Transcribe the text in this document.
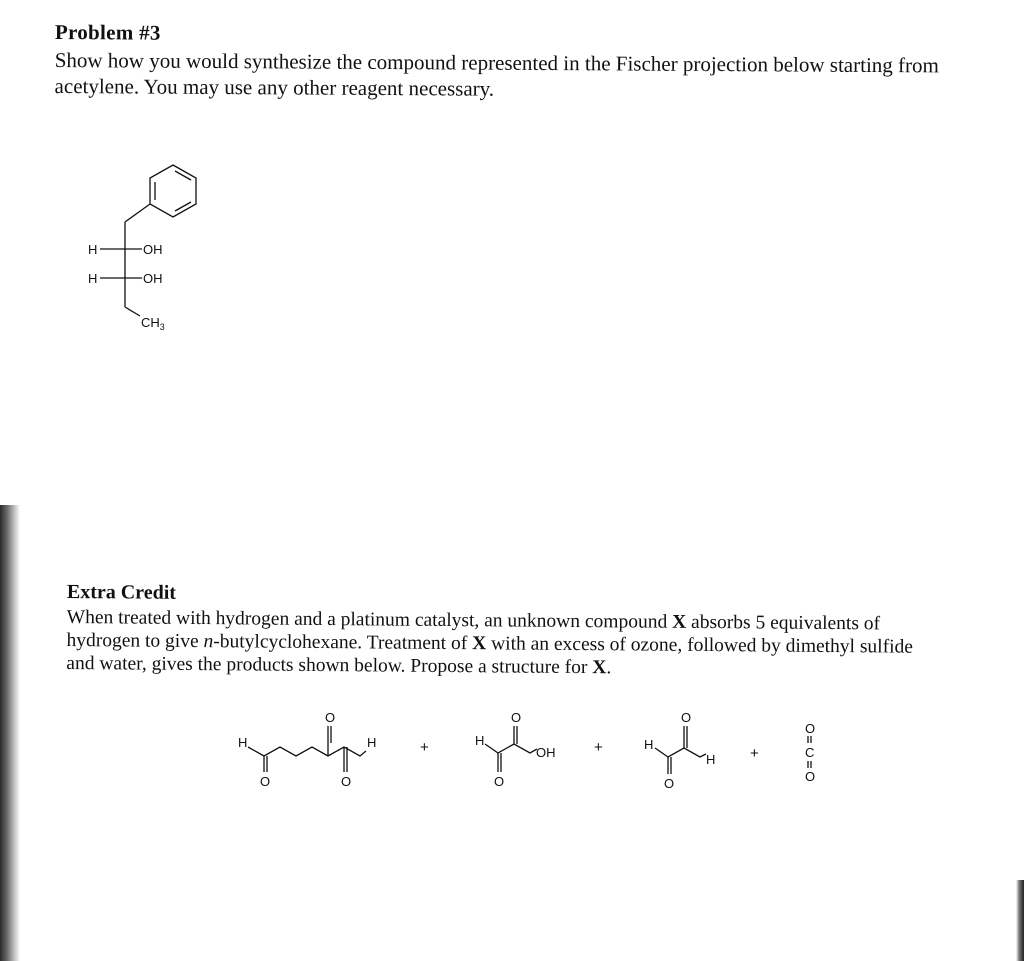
Problem #3

Show how you would synthesize the compound represented in the Fischer projection below starting from
acetylene. You may use any other reagent necessary.

H	OH
H	OH
$CH_3$
Extra Credit

When treated with hydrogen and a platinum catalyst, an unknown compound X absorbs 5 equivalents of
hydrogen to give n-butylcyclohexane. Treatment of X with an excess of ozone, followed by dimethyl sulfide
and water, gives the products shown below. Propose a structure for X.

H
O
O
H
O
+	H
O
O
OH	+	H
O
O
H +
O
C
O
